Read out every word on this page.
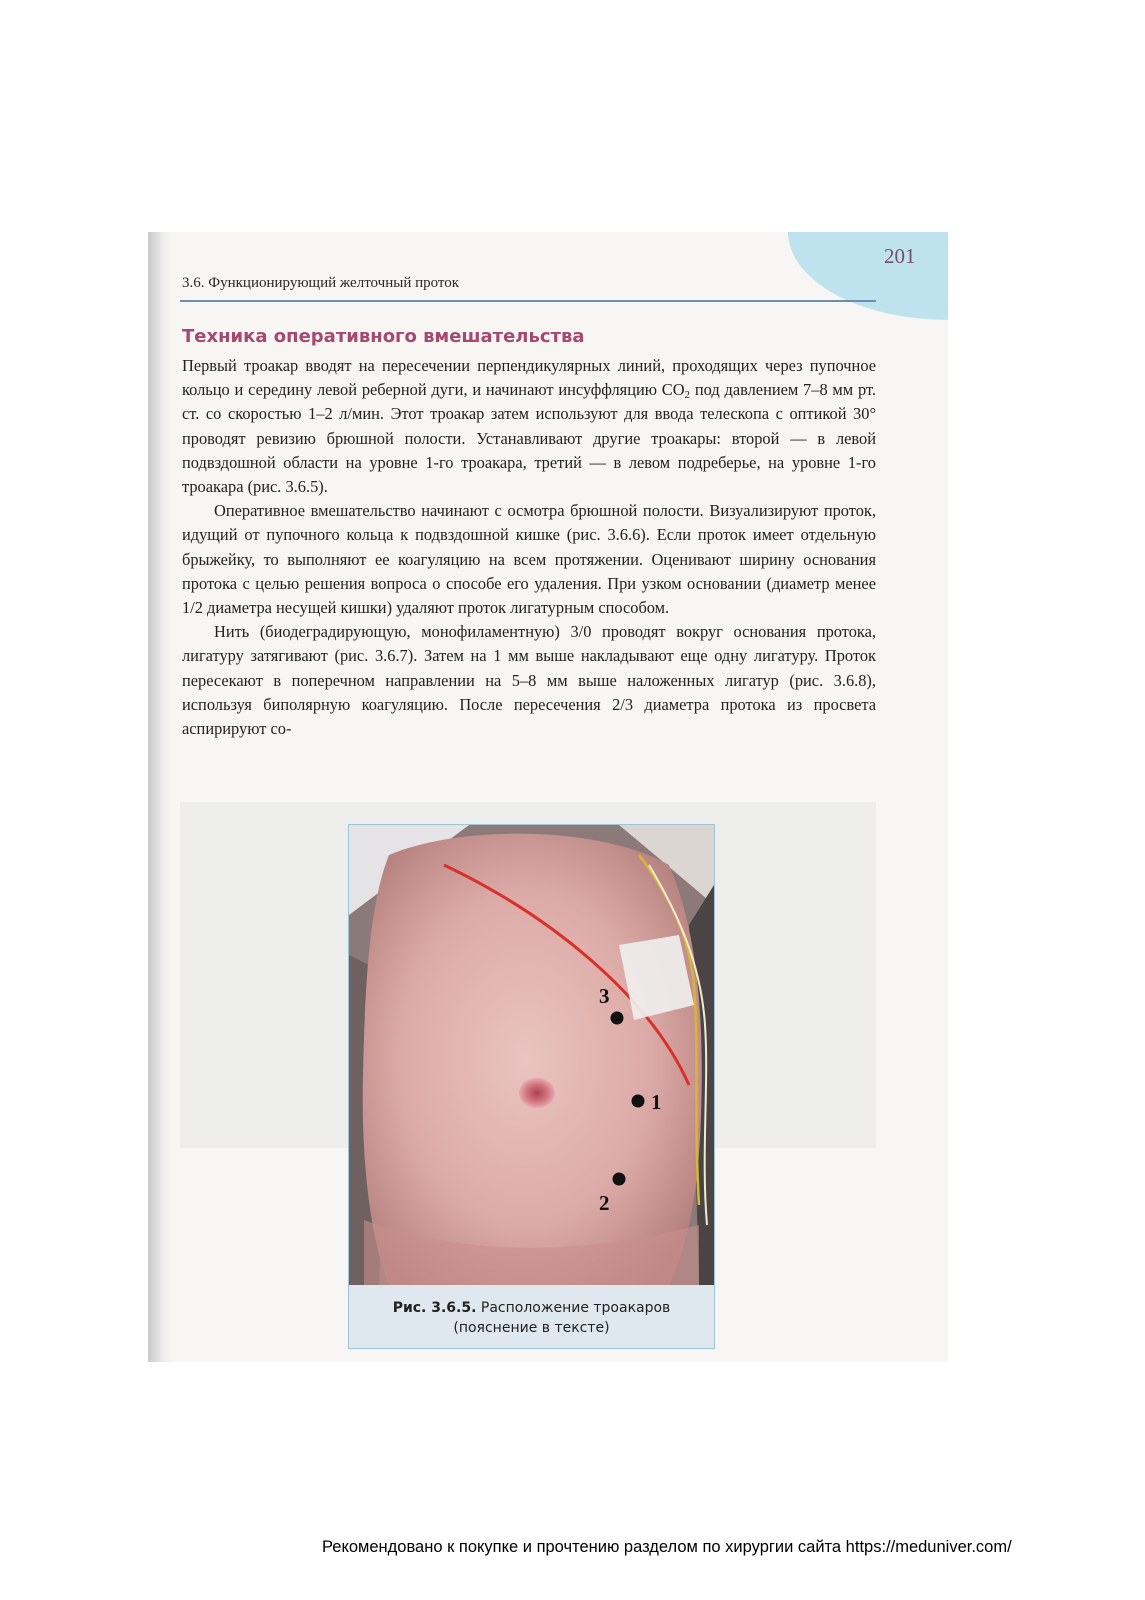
201
3.6. Функционирующий желточный проток
Техника оперативного вмешательства

Первый троакар вводят на пересечении перпендикулярных линий, проходящих через пупочное кольцо и середину левой реберной дуги, и начинают инсуффляцию $CO_2$ под давлением 7–8 мм рт. ст. со скоростью 1–2 л/мин. Этот троакар затем используют для ввода телескопа с оптикой 30° проводят ревизию брюшной полости. Устанавливают другие троакары: второй — в левой подвздошной области на уровне 1-го троакара, третий — в левом подреберье, на уровне 1-го троакара (рис. 3.6.5).

Оперативное вмешательство начинают с осмотра брюшной полости. Визуализируют проток, идущий от пупочного кольца к подвздошной кишке (рис. 3.6.6). Если проток имеет отдельную брыжейку, то выполняют ее коагуляцию на всем протяжении. Оценивают ширину основания протока с целью решения вопроса о способе его удаления. При узком основании (диаметр менее 1/2 диаметра несущей кишки) удаляют проток лигатурным способом.

Нить (биодеградирующую, монофиламентную) 3/0 проводят вокруг основания протока, лигатуру затягивают (рис. 3.6.7). Затем на 1 мм выше накладывают еще одну лигатуру. Проток пересекают в поперечном направлении на 5–8 мм выше наложенных лигатур (рис. 3.6.8), используя биполярную коагуляцию. После пересечения 2/3 диаметра протока из просвета аспирируют со-

3
1
2
Рис. 3.6.5. Расположение троакаров
(пояснение в тексте)
Рекомендовано к покупке и прочтению разделом по хирургии сайта https://meduniver.com/
